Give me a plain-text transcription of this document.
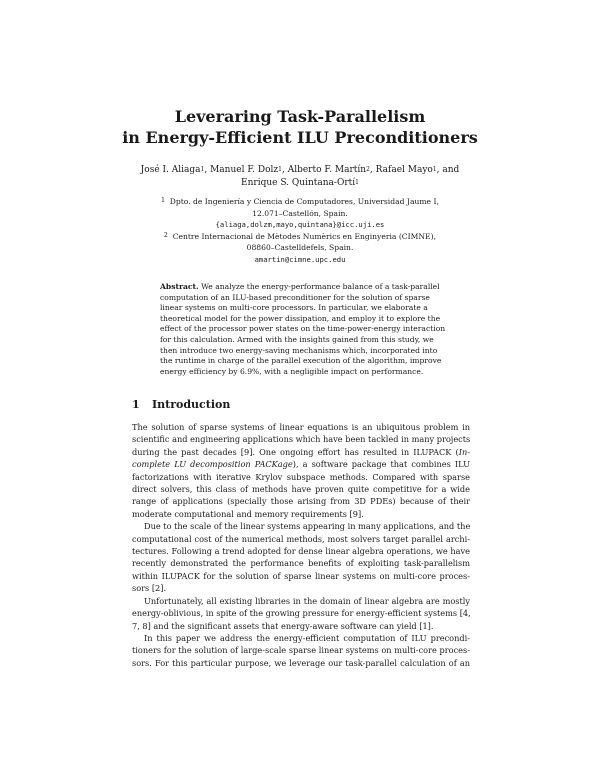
Leveraring Task-Parallelism
in Energy-Efficient ILU Preconditioners
José I. Aliaga$^1$, Manuel F. Dolz$^1$, Alberto F. Martín$^2$, Rafael Mayo$^1$, and
Enrique S. Quintana-Ortí$^1$
$^1$ Dpto. de Ingeniería y Ciencia de Computadores, Universidad Jaume I,
12.071–Castellón, Spain.
{aliaga,dolzm,mayo,quintana}@icc.uji.es
$^2$ Centre Internacional de Mètodes Numèrics en Enginyeria (CIMNE),
08860–Castelldefels, Spain.
amartin@cimne.upc.edu
Abstract. We analyze the energy-performance balance of a task-parallel
computation of an ILU-based preconditioner for the solution of sparse
linear systems on multi-core processors. In particular, we elaborate a
theoretical model for the power dissipation, and employ it to explore the
effect of the processor power states on the time-power-energy interaction
for this calculation. Armed with the insights gained from this study, we
then introduce two energy-saving mechanisms which, incorporated into
the runtime in charge of the parallel execution of the algorithm, improve
energy efficiency by 6.9%, with a negligible impact on performance.
1 Introduction
The solution of sparse systems of linear equations is an ubiquitous problem in
scientific and engineering applications which have been tackled in many projects
during the past decades [9]. One ongoing effort has resulted in ILUPACK (In-
complete LU decomposition PACKage), a software package that combines ILU
factorizations with iterative Krylov subspace methods. Compared with sparse
direct solvers, this class of methods have proven quite competitive for a wide
range of applications (specially those arising from 3D PDEs) because of their
moderate computational and memory requirements [9].
Due to the scale of the linear systems appearing in many applications, and the
computational cost of the numerical methods, most solvers target parallel archi-
tectures. Following a trend adopted for dense linear algebra operations, we have
recently demonstrated the performance benefits of exploiting task-parallelism
within ILUPACK for the solution of sparse linear systems on multi-core proces-
sors [2].
Unfortunately, all existing libraries in the domain of linear algebra are mostly
energy-oblivious, in spite of the growing pressure for energy-efficient systems [4,
7, 8] and the significant assets that energy-aware software can yield [1].
In this paper we address the energy-efficient computation of ILU precondi-
tioners for the solution of large-scale sparse linear systems on multi-core proces-
sors. For this particular purpose, we leverage our task-parallel calculation of an
